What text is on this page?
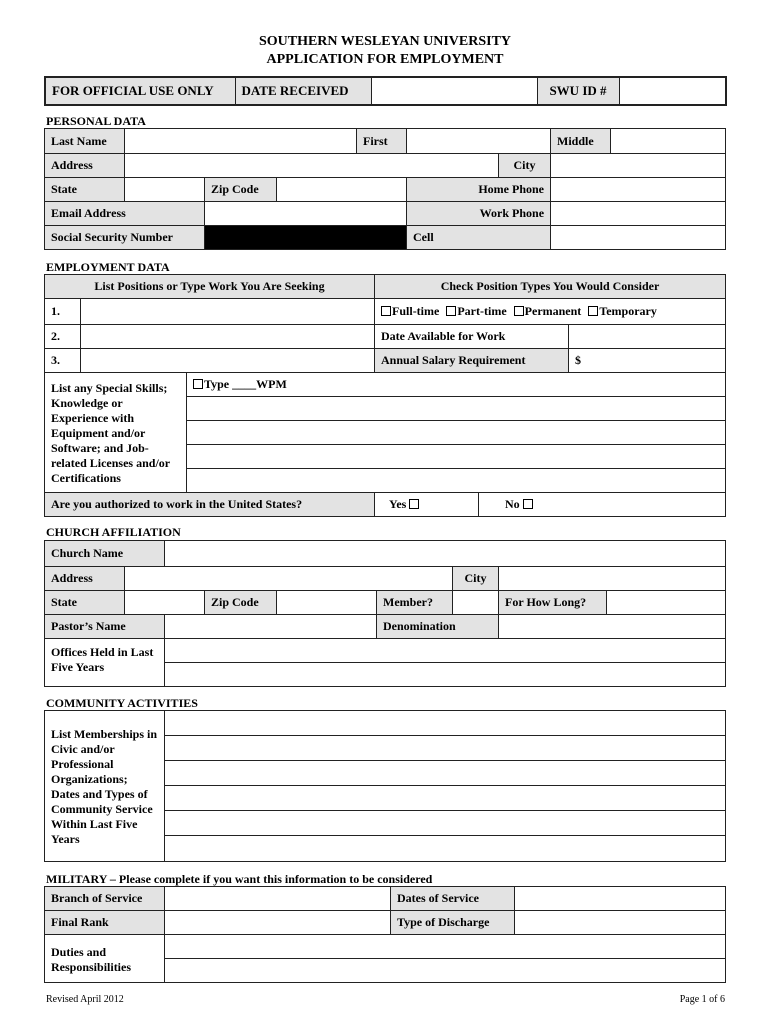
SOUTHERN WESLEYAN UNIVERSITY
APPLICATION FOR EMPLOYMENT
FOR OFFICIAL USE ONLY	DATE RECEIVED		SWU ID #	
PERSONAL DATA
Last Name				First			Middle	
Address						City		
State		Zip Code			Home Phone			
Email Address					Work Phone			
Social Security Number					Cell			
EMPLOYMENT DATA
List Positions or Type Work You Are Seeking			Check Position Types You Would Consider		
1.			Full-time Part-time Permanent Temporary		
2.			Date Available for Work		
3.			Annual Salary Requirement		$
List any Special Skills; Knowledge or Experience with Equipment and/or Software; and Job-related Licenses and/or Certifications		Type ____WPM			

Are you authorized to work in the United States?			Yes	No	
CHURCH AFFILIATION
Church Name								
Address						City		
State			Zip Code		Member?		For How Long?	
Pastor’s Name					Denomination			
Offices Held in Last Five Years								

COMMUNITY ACTIVITIES
List Memberships in Civic and/or Professional Organizations; Dates and Types of Community Service Within Last Five Years	

MILITARY – Please complete if you want this information to be considered
Branch of Service		Dates of Service	
Final Rank		Type of Discharge	
Duties and Responsibilities			

Revised April 2012	Page 1 of 6
